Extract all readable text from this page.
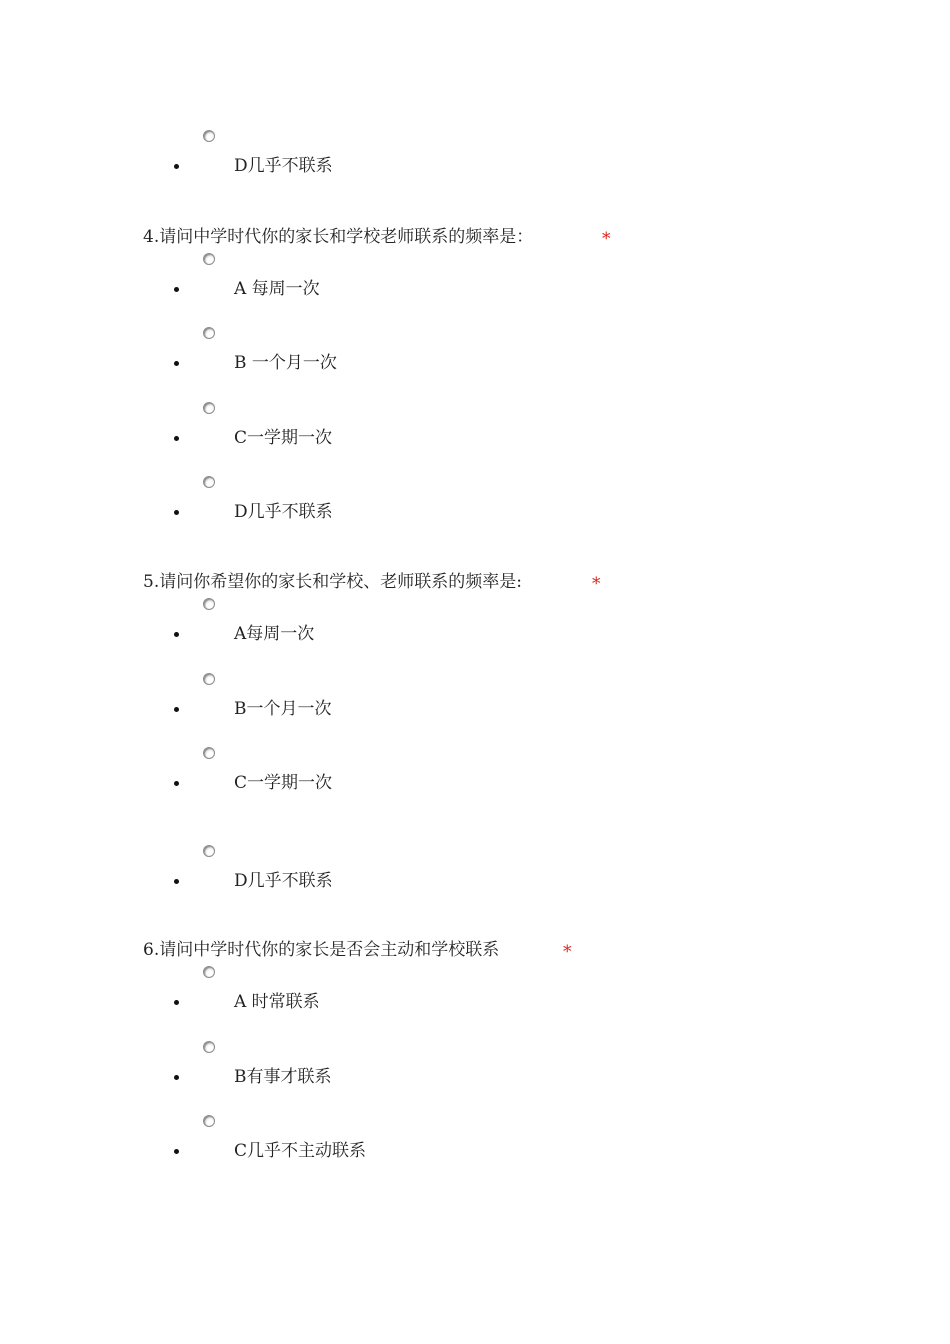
D几乎不联系
4.请问中学时代你的家长和学校老师联系的频率是：	*
A 每周一次
B 一个月一次
C一学期一次
D几乎不联系
5.请问你希望你的家长和学校、老师联系的频率是:	*
A每周一次
B一个月一次
C一学期一次
D几乎不联系
6.请问中学时代你的家长是否会主动和学校联系	*
A 时常联系
B有事才联系
C几乎不主动联系
